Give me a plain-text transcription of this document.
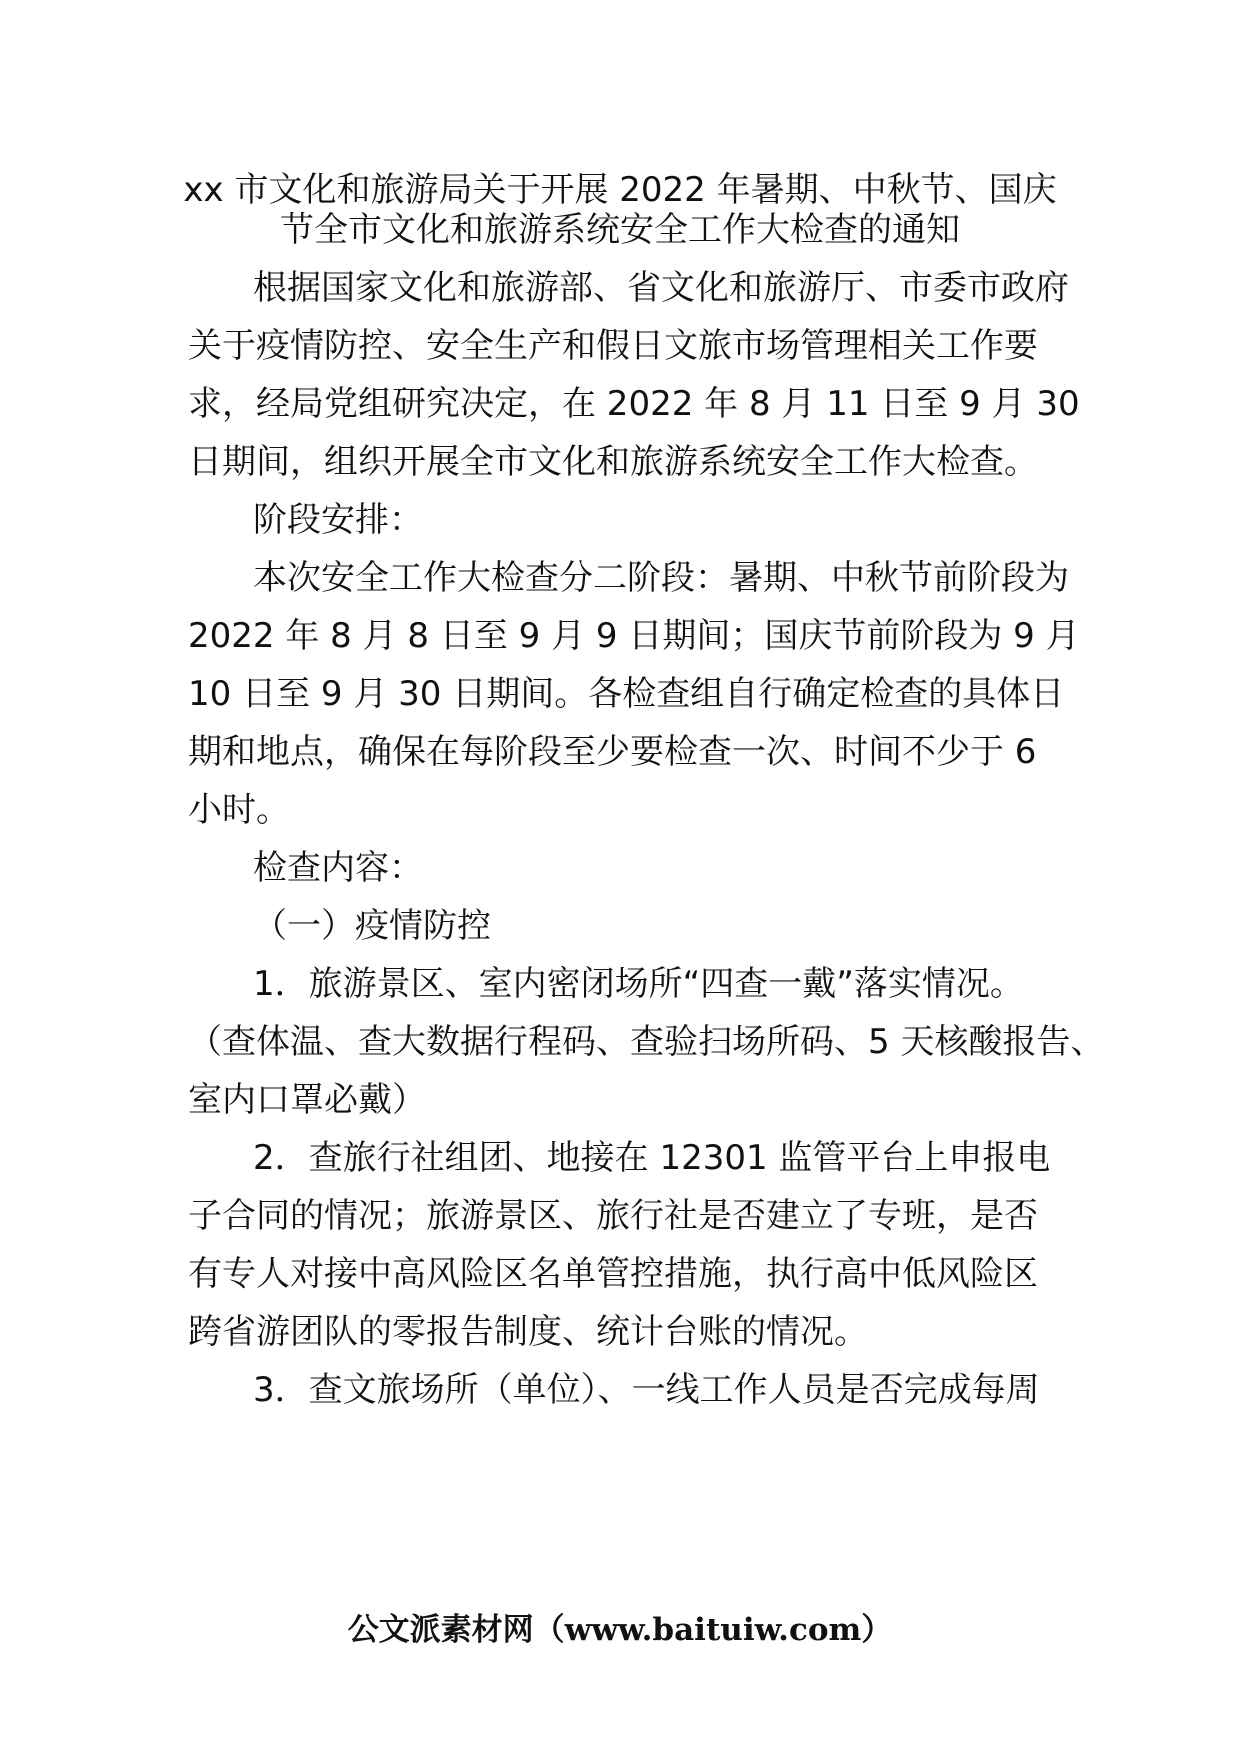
xx 市文化和旅游局关于开展 2022 年暑期、中秋节、国庆
节全市文化和旅游系统安全工作大检查的通知
根据国家文化和旅游部、省文化和旅游厅、市委市政府
关于疫情防控、安全生产和假日文旅市场管理相关工作要
求，经局党组研究决定，在 2022 年 8 月 11 日至 9 月 30
日期间，组织开展全市文化和旅游系统安全工作大检查。
阶段安排：
本次安全工作大检查分二阶段：暑期、中秋节前阶段为
2022 年 8 月 8 日至 9 月 9 日期间；国庆节前阶段为 9 月
10 日至 9 月 30 日期间。各检查组自行确定检查的具体日
期和地点，确保在每阶段至少要检查一次、时间不少于 6
小时。
检查内容：
（一）疫情防控
1．旅游景区、室内密闭场所“四查一戴”落实情况。
（查体温、查大数据行程码、查验扫场所码、5 天核酸报告、
室内口罩必戴）
2．查旅行社组团、地接在 12301 监管平台上申报电
子合同的情况；旅游景区、旅行社是否建立了专班，是否
有专人对接中高风险区名单管控措施，执行高中低风险区
跨省游团队的零报告制度、统计台账的情况。
3．查文旅场所（单位）、一线工作人员是否完成每周
公文派素材网（www.baituiw.com）
